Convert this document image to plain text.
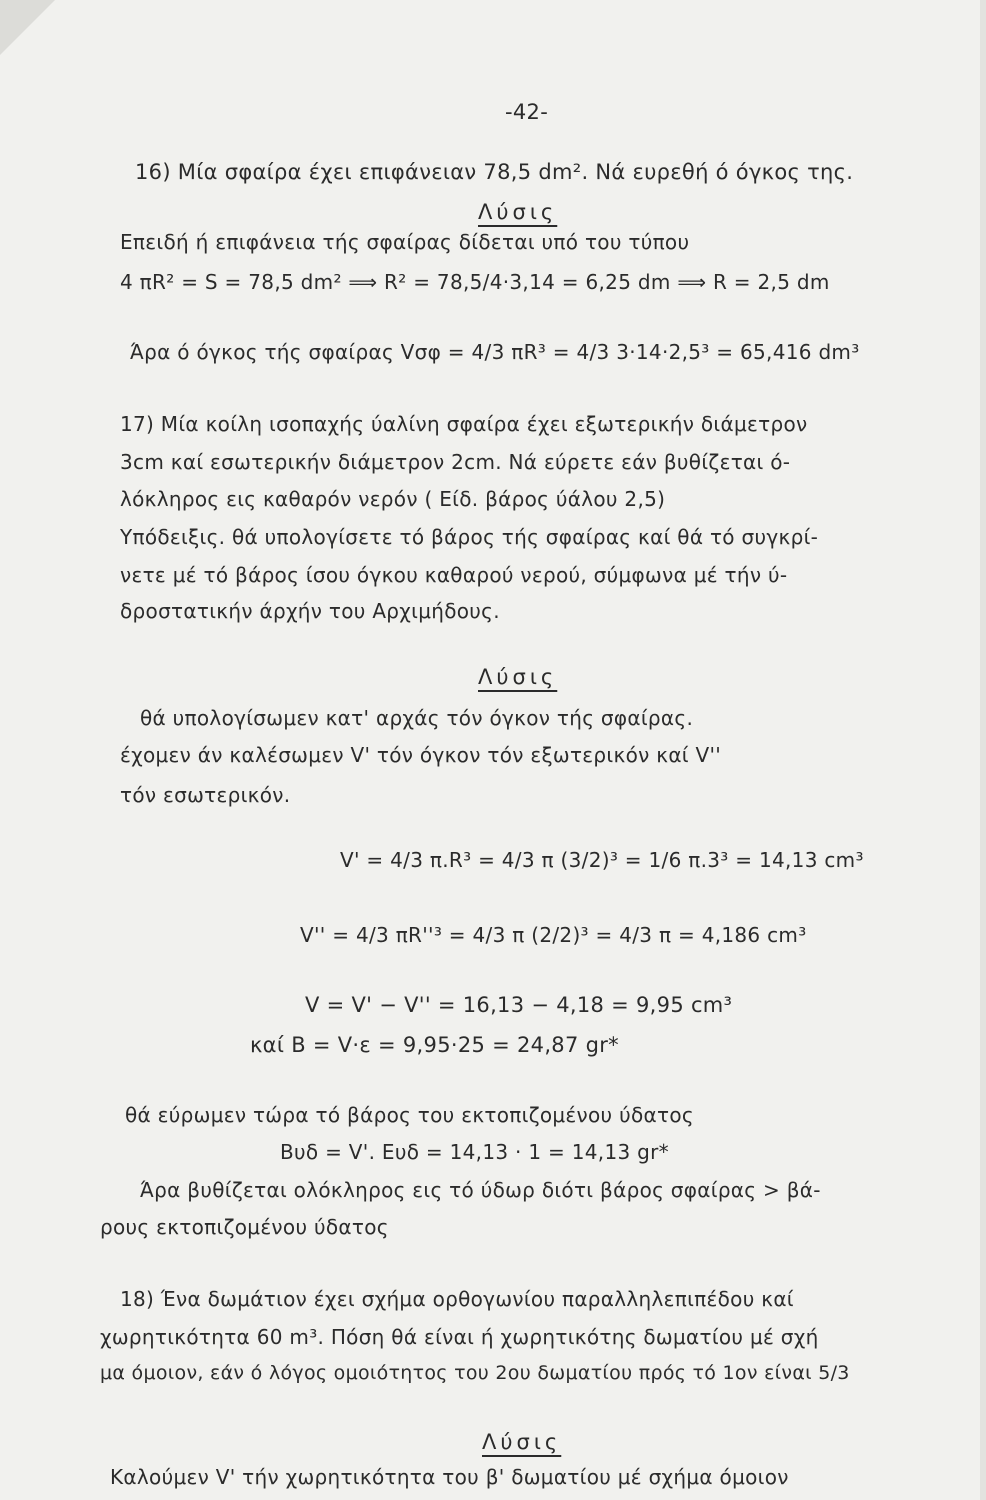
-42-
16) Μία σφαίρα έχει επιφάνειαν 78,5 dm². Νά ευρεθή ό όγκος της.
Λύσις
Επειδή ή επιφάνεια τής σφαίρας δίδεται υπό του τύπου
4 πR² = S = 78,5 dm² ⟹ R² = 78,5/4·3,14 = 6,25 dm ⟹ R = 2,5 dm
Άρα ό όγκος τής σφαίρας Vσφ = 4/3 πR³ = 4/3 3·14·2,5³ = 65,416 dm³
17) Μία κοίλη ισοπαχής ύαλίνη σφαίρα έχει εξωτερικήν διάμετρον
3cm καί εσωτερικήν διάμετρον 2cm. Νά εύρετε εάν βυθίζεται ό-
λόκληρος εις καθαρόν νερόν ( Είδ. βάρος ύάλου 2,5)
Υπόδειξις. θά υπολογίσετε τό βάρος τής σφαίρας καί θά τό συγκρί-
νετε μέ τό βάρος ίσου όγκου καθαρού νερού, σύμφωνα μέ τήν ύ-
δροστατικήν άρχήν του Αρχιμήδους.
Λύσις
θά υπολογίσωμεν κατ' αρχάς τόν όγκον τής σφαίρας.
έχομεν άν καλέσωμεν V' τόν όγκον τόν εξωτερικόν καί V''
τόν εσωτερικόν.
V' = 4/3 π.R³ = 4/3 π (3/2)³ = 1/6 π.3³ = 14,13 cm³
V'' = 4/3 πR''³ = 4/3 π (2/2)³ = 4/3 π = 4,186 cm³
V = V' − V'' = 16,13 − 4,18 = 9,95 cm³
καί B = V·ε = 9,95·25 = 24,87 gr*
θά εύρωμεν τώρα τό βάρος του εκτοπιζομένου ύδατος
Bυδ = V'. Eυδ = 14,13 · 1 = 14,13 gr*
Άρα βυθίζεται ολόκληρος εις τό ύδωρ διότι βάρος σφαίρας > βά-
ρους εκτοπιζομένου ύδατος
18) Ένα δωμάτιον έχει σχήμα ορθογωνίου παραλληλεπιπέδου καί
χωρητικότητα 60 m³. Πόση θά είναι ή χωρητικότης δωματίου μέ σχή
μα όμοιον, εάν ό λόγος ομοιότητος του 2ου δωματίου πρός τό 1ον είναι 5/3
Λύσις
Καλούμεν V' τήν χωρητικότητα του β' δωματίου μέ σχήμα όμοιον
